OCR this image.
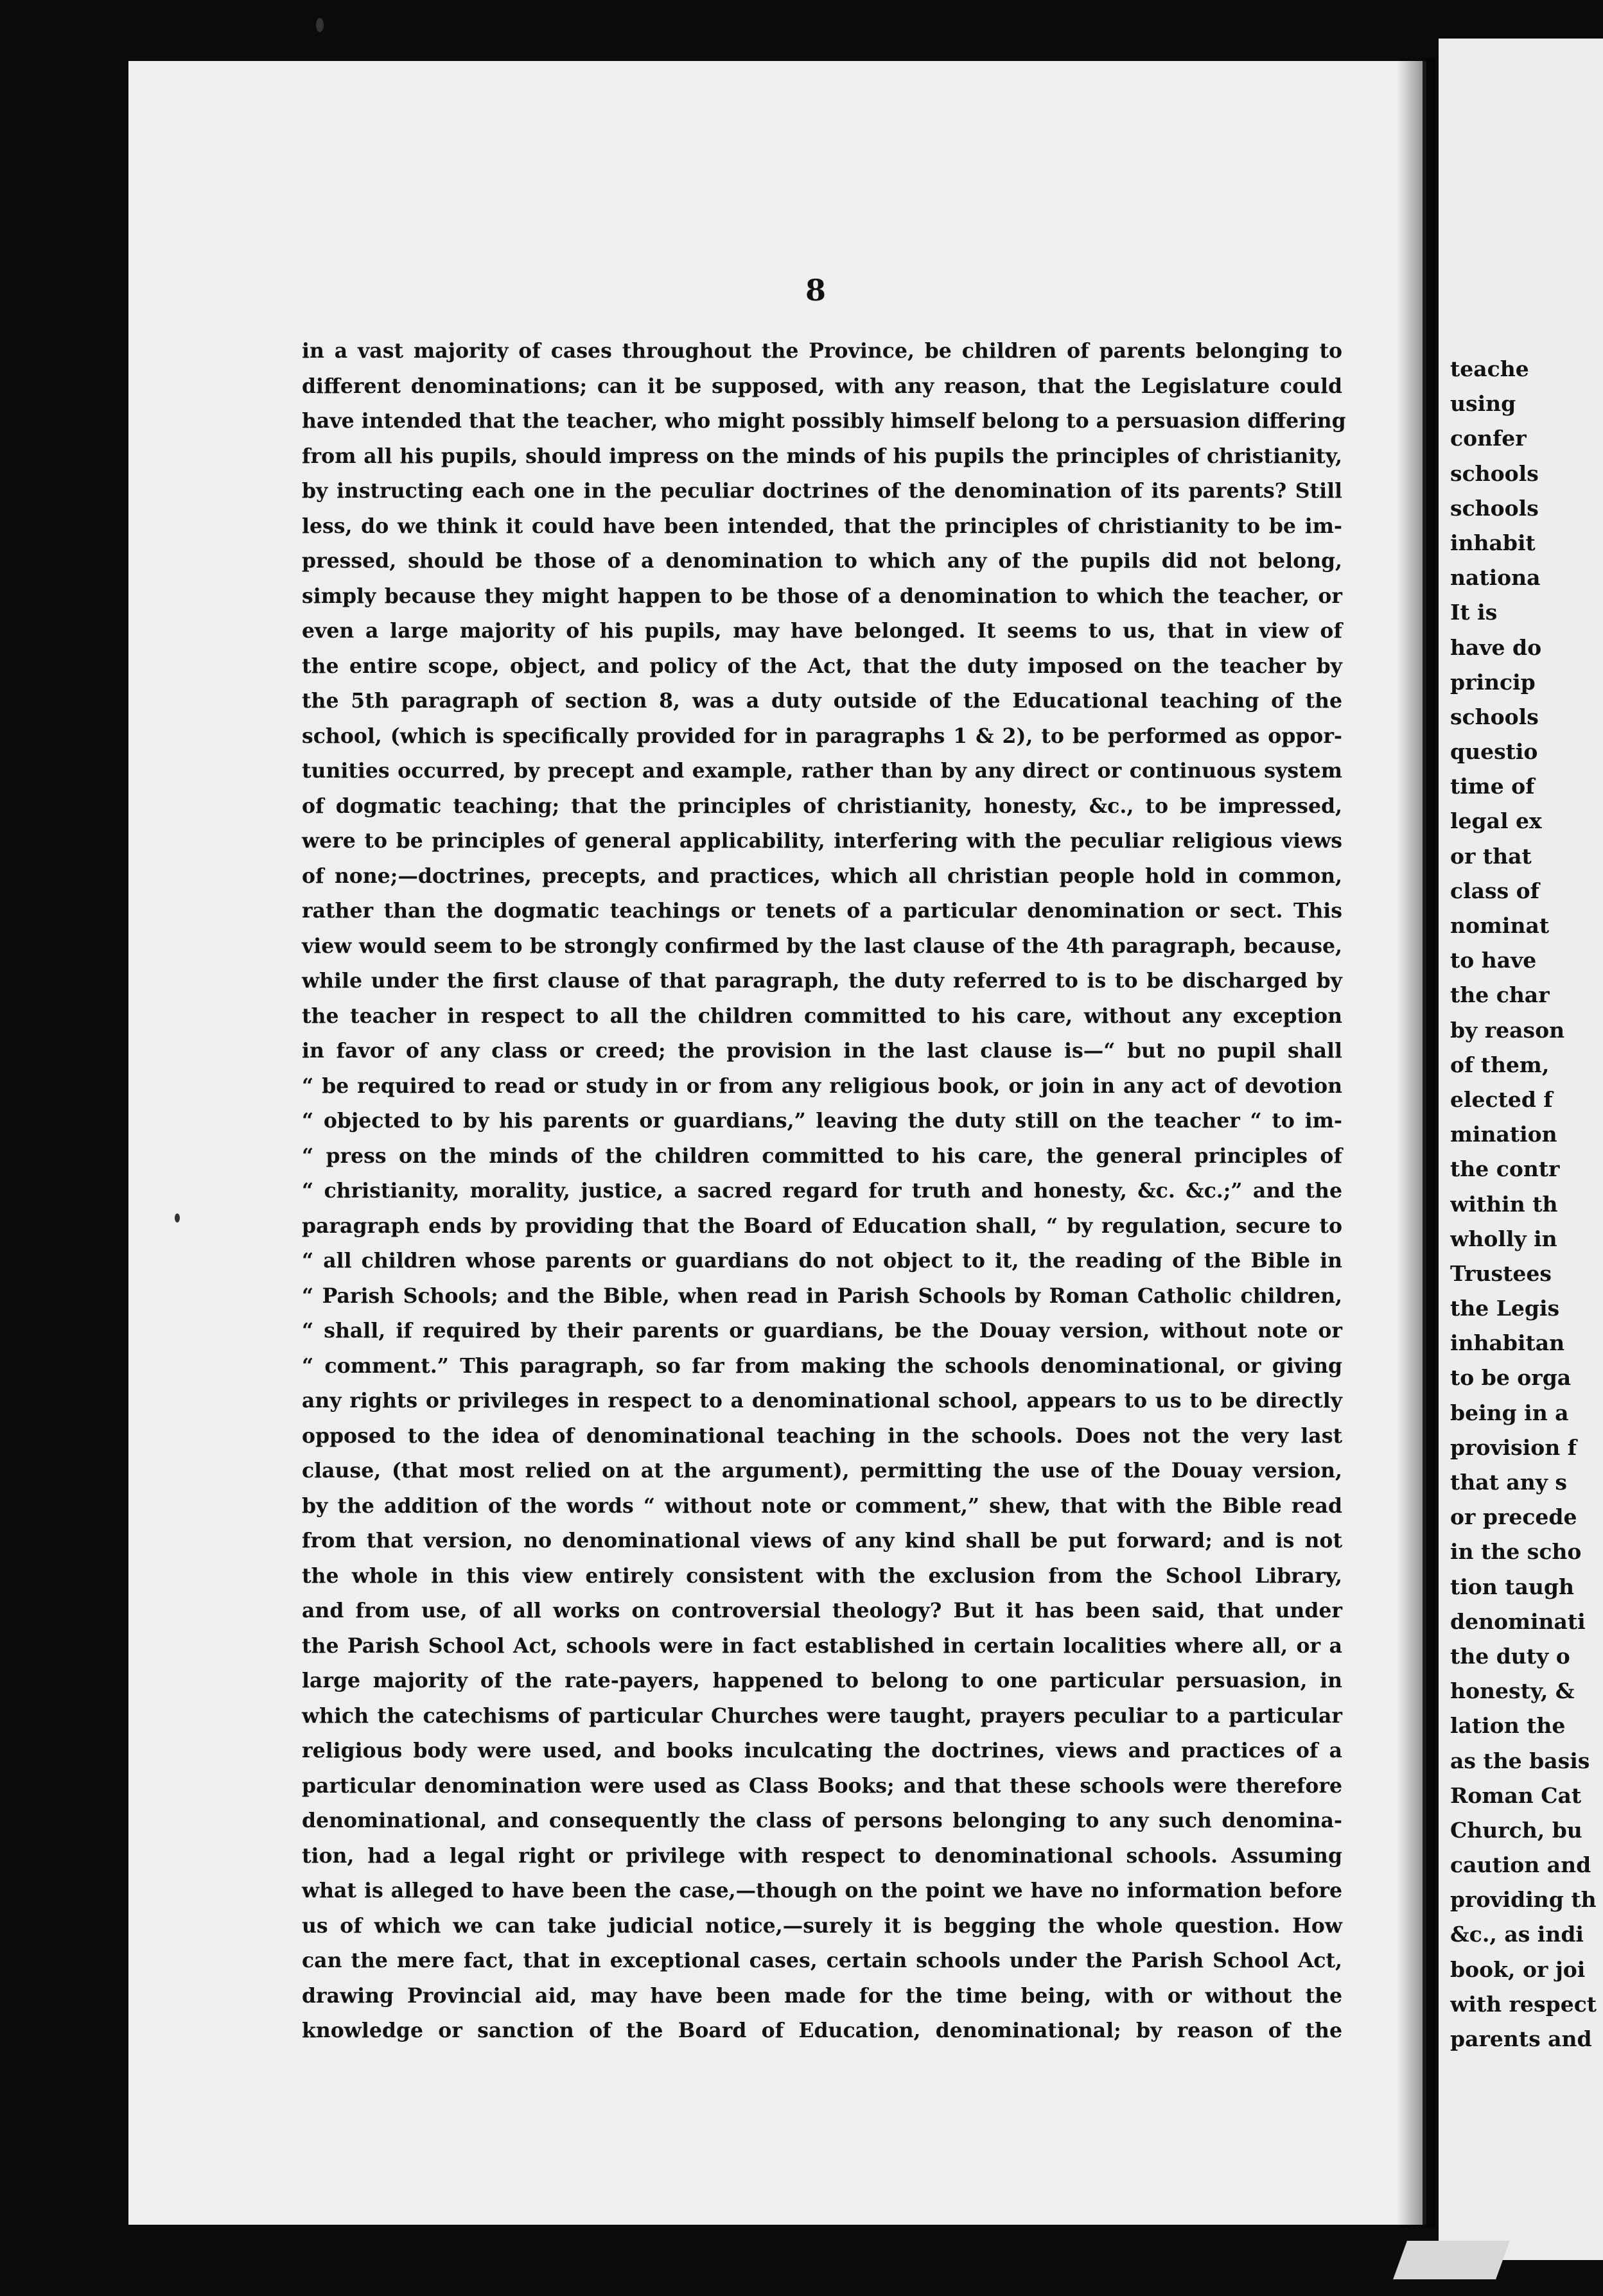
8
in a vast majority of cases throughout the Province, be children of parents belonging to
different denominations; can it be supposed, with any reason, that the Legislature could
have intended that the teacher, who might possibly himself belong to a persuasion differing
from all his pupils, should impress on the minds of his pupils the principles of christianity,
by instructing each one in the peculiar doctrines of the denomination of its parents? Still
less, do we think it could have been intended, that the principles of christianity to be im-
pressed, should be those of a denomination to which any of the pupils did not belong,
simply because they might happen to be those of a denomination to which the teacher, or
even a large majority of his pupils, may have belonged. It seems to us, that in view of
the entire scope, object, and policy of the Act, that the duty imposed on the teacher by
the 5th paragraph of section 8, was a duty outside of the Educational teaching of the
school, (which is specifically provided for in paragraphs 1 & 2), to be performed as oppor-
tunities occurred, by precept and example, rather than by any direct or continuous system
of dogmatic teaching; that the principles of christianity, honesty, &c., to be impressed,
were to be principles of general applicability, interfering with the peculiar religious views
of none;—doctrines, precepts, and practices, which all christian people hold in common,
rather than the dogmatic teachings or tenets of a particular denomination or sect. This
view would seem to be strongly confirmed by the last clause of the 4th paragraph, because,
while under the first clause of that paragraph, the duty referred to is to be discharged by
the teacher in respect to all the children committed to his care, without any exception
in favor of any class or creed; the provision in the last clause is—“ but no pupil shall
“ be required to read or study in or from any religious book, or join in any act of devotion
“ objected to by his parents or guardians,” leaving the duty still on the teacher “ to im-
“ press on the minds of the children committed to his care, the general principles of
“ christianity, morality, justice, a sacred regard for truth and honesty, &c. &c.;” and the
paragraph ends by providing that the Board of Education shall, “ by regulation, secure to
“ all children whose parents or guardians do not object to it, the reading of the Bible in
“ Parish Schools; and the Bible, when read in Parish Schools by Roman Catholic children,
“ shall, if required by their parents or guardians, be the Douay version, without note or
“ comment.” This paragraph, so far from making the schools denominational, or giving
any rights or privileges in respect to a denominational school, appears to us to be directly
opposed to the idea of denominational teaching in the schools. Does not the very last
clause, (that most relied on at the argument), permitting the use of the Douay version,
by the addition of the words “ without note or comment,” shew, that with the Bible read
from that version, no denominational views of any kind shall be put forward; and is not
the whole in this view entirely consistent with the exclusion from the School Library,
and from use, of all works on controversial theology? But it has been said, that under
the Parish School Act, schools were in fact established in certain localities where all, or a
large majority of the rate-payers, happened to belong to one particular persuasion, in
which the catechisms of particular Churches were taught, prayers peculiar to a particular
religious body were used, and books inculcating the doctrines, views and practices of a
particular denomination were used as Class Books; and that these schools were therefore
denominational, and consequently the class of persons belonging to any such denomina-
tion, had a legal right or privilege with respect to denominational schools. Assuming
what is alleged to have been the case,—though on the point we have no information before
us of which we can take judicial notice,—surely it is begging the whole question. How
can the mere fact, that in exceptional cases, certain schools under the Parish School Act,
drawing Provincial aid, may have been made for the time being, with or without the
knowledge or sanction of the Board of Education, denominational; by reason of the
teache
using
confer
schools
schools
inhabit
nationa
It is
have do
princip
schools
questio
time of
legal ex
or that
class of
nominat
to have
the char
by reason
of them,
elected f
mination
the contr
within th
wholly in
Trustees
the Legis
inhabitan
to be orga
being in a
provision f
that any s
or precede
in the scho
tion taugh
denominati
the duty o
honesty, &
lation the
as the basis
Roman Cat
Church, bu
caution and
providing th
&c., as indi
book, or joi
with respect
parents and
